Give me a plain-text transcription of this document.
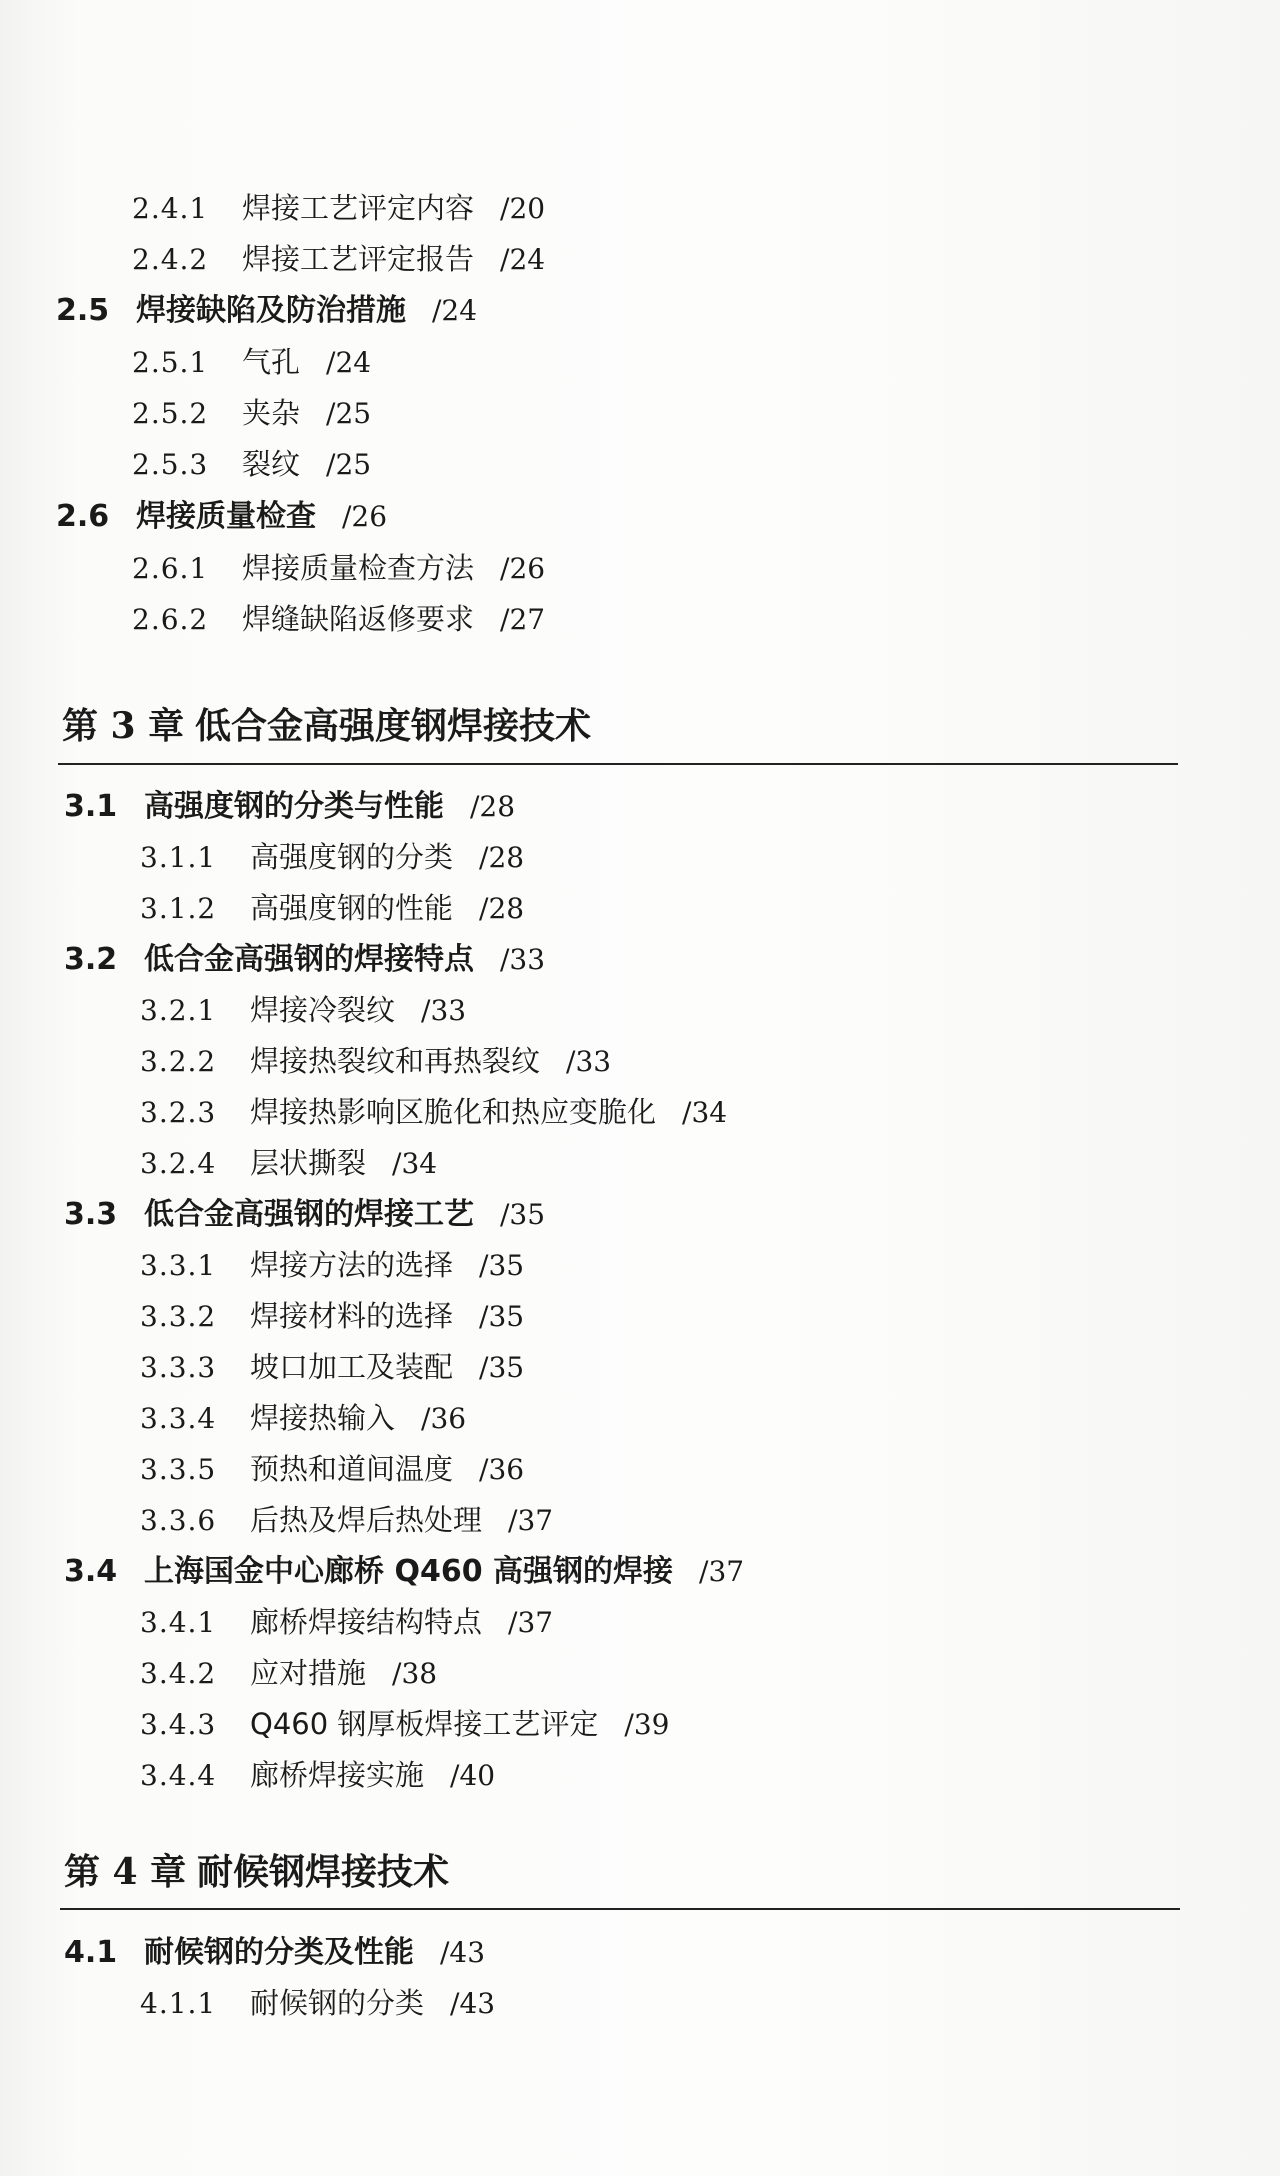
2.4.1	焊接工艺评定内容 /20
2.4.2	焊接工艺评定报告 /24
2.5 焊接缺陷及防治措施 /24
2.5.1	气孔 /24
2.5.2	夹杂 /25
2.5.3	裂纹 /25
2.6 焊接质量检查 /26
2.6.1	焊接质量检查方法 /26
2.6.2	焊缝缺陷返修要求 /27
第 3 章 低合金高强度钢焊接技术
3.1 高强度钢的分类与性能 /28
3.1.1	高强度钢的分类 /28
3.1.2	高强度钢的性能 /28
3.2 低合金高强钢的焊接特点 /33
3.2.1	焊接冷裂纹 /33
3.2.2	焊接热裂纹和再热裂纹 /33
3.2.3	焊接热影响区脆化和热应变脆化 /34
3.2.4	层状撕裂 /34
3.3 低合金高强钢的焊接工艺 /35
3.3.1	焊接方法的选择 /35
3.3.2	焊接材料的选择 /35
3.3.3	坡口加工及装配 /35
3.3.4	焊接热输入 /36
3.3.5	预热和道间温度 /36
3.3.6	后热及焊后热处理 /37
3.4 上海国金中心廊桥 Q460 高强钢的焊接 /37
3.4.1	廊桥焊接结构特点 /37
3.4.2	应对措施 /38
3.4.3	Q460 钢厚板焊接工艺评定 /39
3.4.4	廊桥焊接实施 /40
第 4 章 耐候钢焊接技术
4.1 耐候钢的分类及性能 /43
4.1.1	耐候钢的分类 /43
